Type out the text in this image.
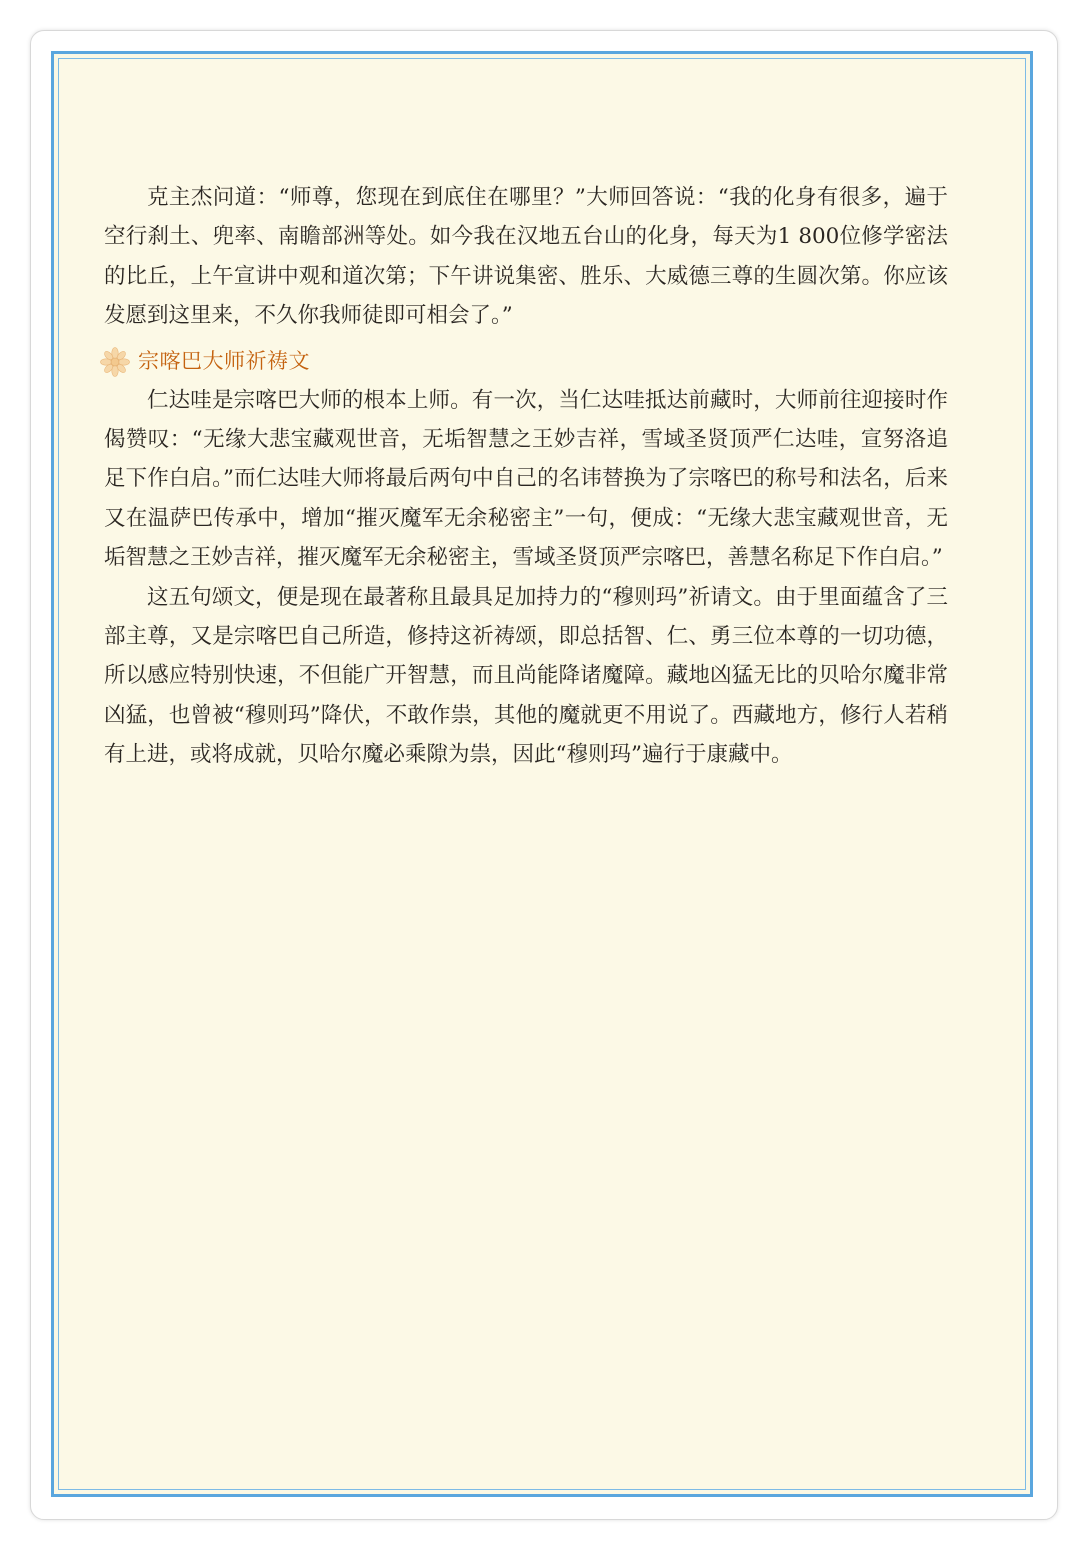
克主杰问道：“师尊，您现在到底住在哪里？”大师回答说：“我的化身有很多，遍于空行刹土、兜率、南瞻部洲等处。如今我在汉地五台山的化身，每天为1 800位修学密法的比丘，上午宣讲中观和道次第；下午讲说集密、胜乐、大威德三尊的生圆次第。你应该发愿到这里来，不久你我师徒即可相会了。”

宗喀巴大师祈祷文

仁达哇是宗喀巴大师的根本上师。有一次，当仁达哇抵达前藏时，大师前往迎接时作偈赞叹：“无缘大悲宝藏观世音，无垢智慧之王妙吉祥，雪域圣贤顶严仁达哇，宣努洛追足下作白启。”而仁达哇大师将最后两句中自己的名讳替换为了宗喀巴的称号和法名，后来又在温萨巴传承中，增加“摧灭魔军无余秘密主”一句，便成：“无缘大悲宝藏观世音，无垢智慧之王妙吉祥，摧灭魔军无余秘密主，雪域圣贤顶严宗喀巴，善慧名称足下作白启。”

这五句颂文，便是现在最著称且最具足加持力的“穆则玛”祈请文。由于里面蕴含了三部主尊，又是宗喀巴自己所造，修持这祈祷颂，即总括智、仁、勇三位本尊的一切功德，所以感应特别快速，不但能广开智慧，而且尚能降诸魔障。藏地凶猛无比的贝哈尔魔非常凶猛，也曾被“穆则玛”降伏，不敢作祟，其他的魔就更不用说了。西藏地方，修行人若稍有上进，或将成就，贝哈尔魔必乘隙为祟，因此“穆则玛”遍行于康藏中。
